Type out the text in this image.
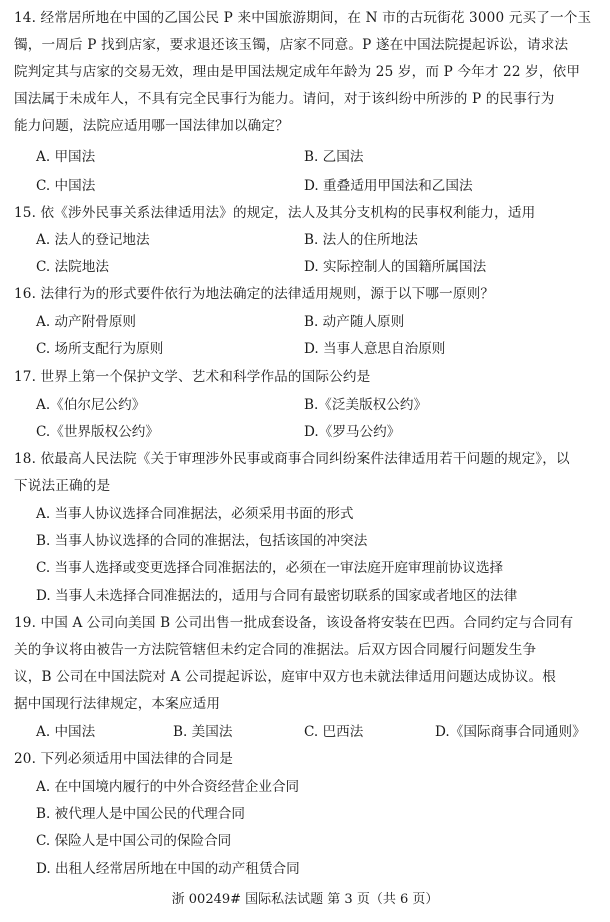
14. 经常居所地在中国的乙国公民 P 来中国旅游期间，在 N 市的古玩街花 3000 元买了一个玉
镯，一周后 P 找到店家，要求退还该玉镯，店家不同意。P 遂在中国法院提起诉讼，请求法
院判定其与店家的交易无效，理由是甲国法规定成年年龄为 25 岁，而 P 今年才 22 岁，依甲
国法属于未成年人，不具有完全民事行为能力。请问，对于该纠纷中所涉的 P 的民事行为
能力问题，法院应适用哪一国法律加以确定？
A. 甲国法	B. 乙国法
C. 中国法	D. 重叠适用甲国法和乙国法
15. 依《涉外民事关系法律适用法》的规定，法人及其分支机构的民事权利能力，适用
A. 法人的登记地法	B. 法人的住所地法
C. 法院地法	D. 实际控制人的国籍所属国法
16. 法律行为的形式要件依行为地法确定的法律适用规则，源于以下哪一原则？
A. 动产附骨原则	B. 动产随人原则
C. 场所支配行为原则	D. 当事人意思自治原则
17. 世界上第一个保护文学、艺术和科学作品的国际公约是
A.《伯尔尼公约》	B.《泛美版权公约》
C.《世界版权公约》	D.《罗马公约》
18. 依最高人民法院《关于审理涉外民事或商事合同纠纷案件法律适用若干问题的规定》，以
下说法正确的是
A. 当事人协议选择合同准据法，必须采用书面的形式
B. 当事人协议选择的合同的准据法，包括该国的冲突法
C. 当事人选择或变更选择合同准据法的，必须在一审法庭开庭审理前协议选择
D. 当事人未选择合同准据法的，适用与合同有最密切联系的国家或者地区的法律
19. 中国 A 公司向美国 B 公司出售一批成套设备，该设备将安装在巴西。合同约定与合同有
关的争议将由被告一方法院管辖但未约定合同的准据法。后双方因合同履行问题发生争
议，B 公司在中国法院对 A 公司提起诉讼，庭审中双方也未就法律适用问题达成协议。根
据中国现行法律规定，本案应适用
A. 中国法	B. 美国法	C. 巴西法	D.《国际商事合同通则》
20. 下列必须适用中国法律的合同是
A. 在中国境内履行的中外合资经营企业合同
B. 被代理人是中国公民的代理合同
C. 保险人是中国公司的保险合同
D. 出租人经常居所地在中国的动产租赁合同
浙 00249# 国际私法试题 第 3 页（共 6 页）
